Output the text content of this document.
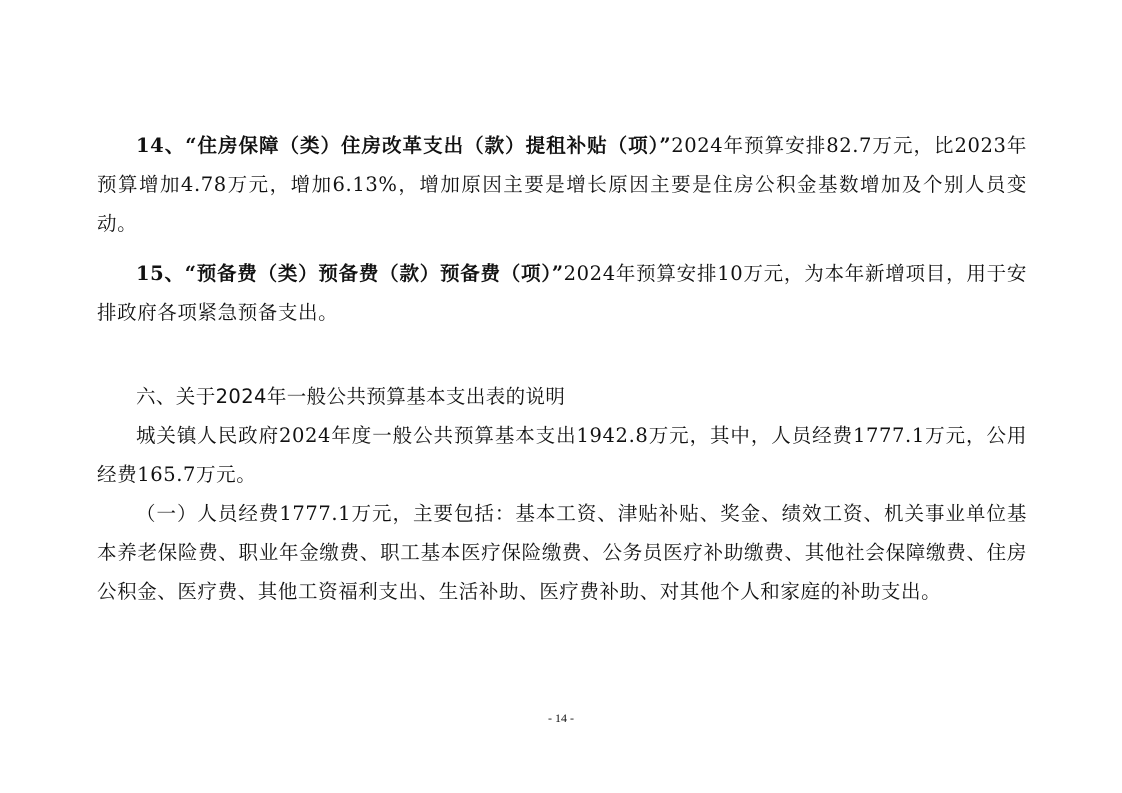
14、“住房保障（类）住房改革支出（款）提租补贴（项）”2024年预算安排82.7万元，比2023年预算增加4.78万元，增加6.13%，增加原因主要是增长原因主要是住房公积金基数增加及个别人员变动。

15、“预备费（类）预备费（款）预备费（项）”2024年预算安排10万元，为本年新增项目，用于安排政府各项紧急预备支出。

六、关于2024年一般公共预算基本支出表的说明

城关镇人民政府2024年度一般公共预算基本支出1942.8万元，其中，人员经费1777.1万元，公用经费165.7万元。

（一）人员经费1777.1万元，主要包括：基本工资、津贴补贴、奖金、绩效工资、机关事业单位基本养老保险费、职业年金缴费、职工基本医疗保险缴费、公务员医疗补助缴费、其他社会保障缴费、住房公积金、医疗费、其他工资福利支出、生活补助、医疗费补助、对其他个人和家庭的补助支出。

- 14 -
